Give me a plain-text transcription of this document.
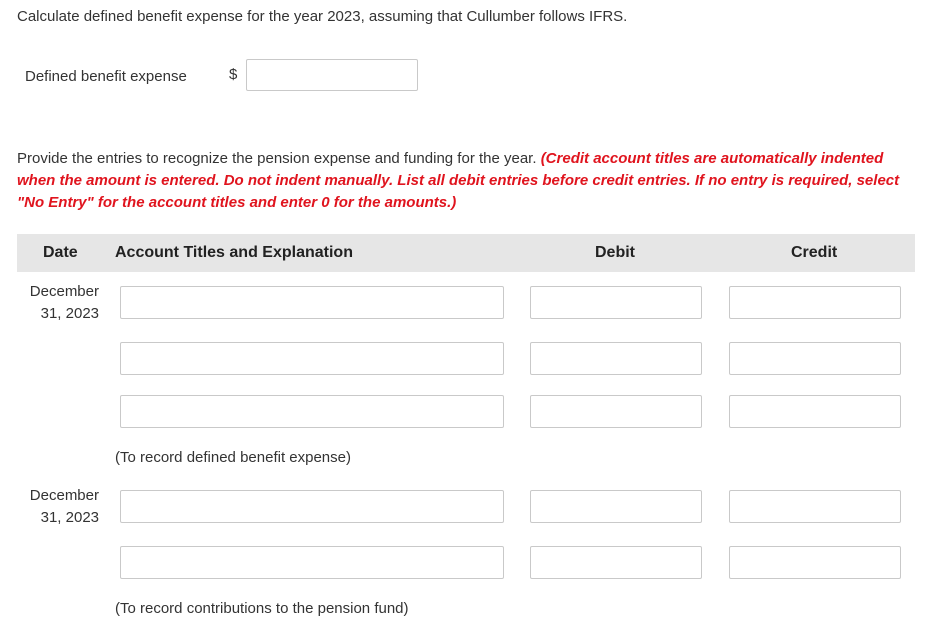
Calculate defined benefit expense for the year 2023, assuming that Cullumber follows IFRS.
Defined benefit expense	$
Provide the entries to recognize the pension expense and funding for the year. (Credit account titles are automatically indented when the amount is entered. Do not indent manually. List all debit entries before credit entries. If no entry is required, select "No Entry" for the account titles and enter 0 for the amounts.)
Date Account Titles and Explanation	Debit	Credit
December
31, 2023
(To record defined benefit expense)
December
31, 2023
(To record contributions to the pension fund)
